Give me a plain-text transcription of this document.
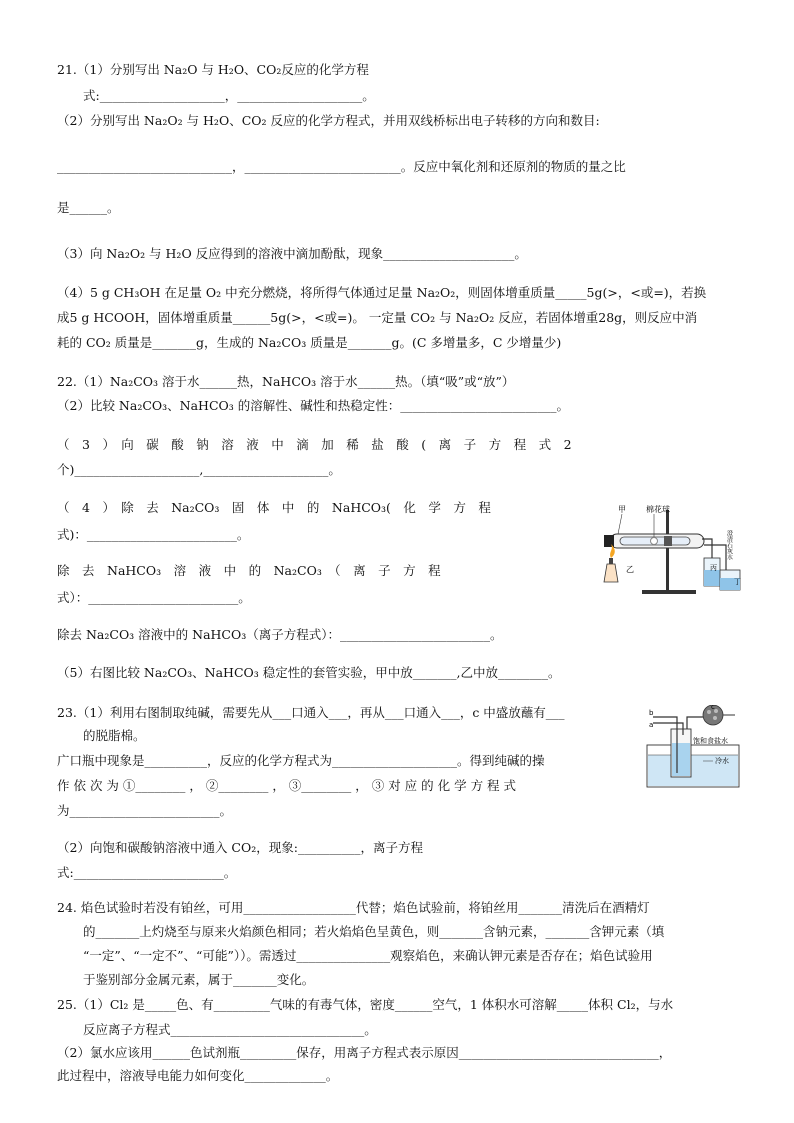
21.（1）分别写出 Na₂O 与 H₂O、CO₂反应的化学方程
式:____________________，____________________。
（2）分别写出 Na₂O₂ 与 H₂O、CO₂ 反应的化学方程式，并用双线桥标出电子转移的方向和数目:
____________________________，_________________________。反应中氧化剂和还原剂的物质的量之比
是______。
（3）向 Na₂O₂ 与 H₂O 反应得到的溶液中滴加酚酞，现象_____________________。
（4）5 g CH₃OH 在足量 O₂ 中充分燃烧，将所得气体通过足量 Na₂O₂，则固体增重质量_____5g(>，<或=)，若换
成5 g HCOOH，固体增重质量______5g(>，<或=)。 一定量 CO₂ 与 Na₂O₂ 反应，若固体增重28g，则反应中消
耗的 CO₂ 质量是_______g，生成的 Na₂CO₃ 质量是_______g。(C 多增量多，C 少增量少)
22.（1）Na₂CO₃ 溶于水______热，NaHCO₃ 溶于水______热。（填“吸”或“放”）
（2）比较 Na₂CO₃、NaHCO₃ 的溶解性、碱性和热稳定性：_________________________。
（　3　）　向　碳　酸　钠　溶　液　中　滴　加　稀　盐　酸　(　离　子　方　程　式　2
个)____________________,____________________。
（　4　）　除　去　Na₂CO₃　固　体　中　的　NaHCO₃(　化　学　方　程
式)：________________________。
除　去　NaHCO₃　溶　液　中　的　Na₂CO₃　（　离　子　方　程
式）：________________________。
除去 Na₂CO₃ 溶液中的 NaHCO₃（离子方程式）：________________________。
（5）右图比较 Na₂CO₃、NaHCO₃ 稳定性的套管实验，甲中放_______,乙中放________。
甲	棉花球
乙	丙
丁
澄清石灰水
23.（1）利用右图制取纯碱，需要先从___口通入___，再从___口通入___，c 中盛放蘸有___
的脱脂棉。
广口瓶中现象是__________，反应的化学方程式为____________________。得到纯碱的操
作 依 次 为 ①________ ， ②________ ， ③________ ， ③ 对 应 的 化 学 方 程 式
为________________________。
（2）向饱和碳酸钠溶液中通入 CO₂，现象:__________，离子方程
式:________________________。
b
a
c
饱和食盐水
冷水
24. 焰色试验时若没有铂丝，可用__________________代替；焰色试验前，将铂丝用_______清洗后在酒精灯
的_______上灼烧至与原来火焰颜色相同；若火焰焰色呈黄色，则_______含钠元素，_______含钾元素（填
“一定”、“一定不”、“可能”））。需透过_______________观察焰色，来确认钾元素是否存在；焰色试验用
于鉴别部分金属元素，属于_______变化。
25.（1）Cl₂ 是_____色、有_________气味的有毒气体，密度______空气，1 体积水可溶解_____体积 Cl₂，与水
反应离子方程式_______________________________。
（2）氯水应该用______色试剂瓶_________保存，用离子方程式表示原因________________________________，
此过程中，溶液导电能力如何变化_____________。
